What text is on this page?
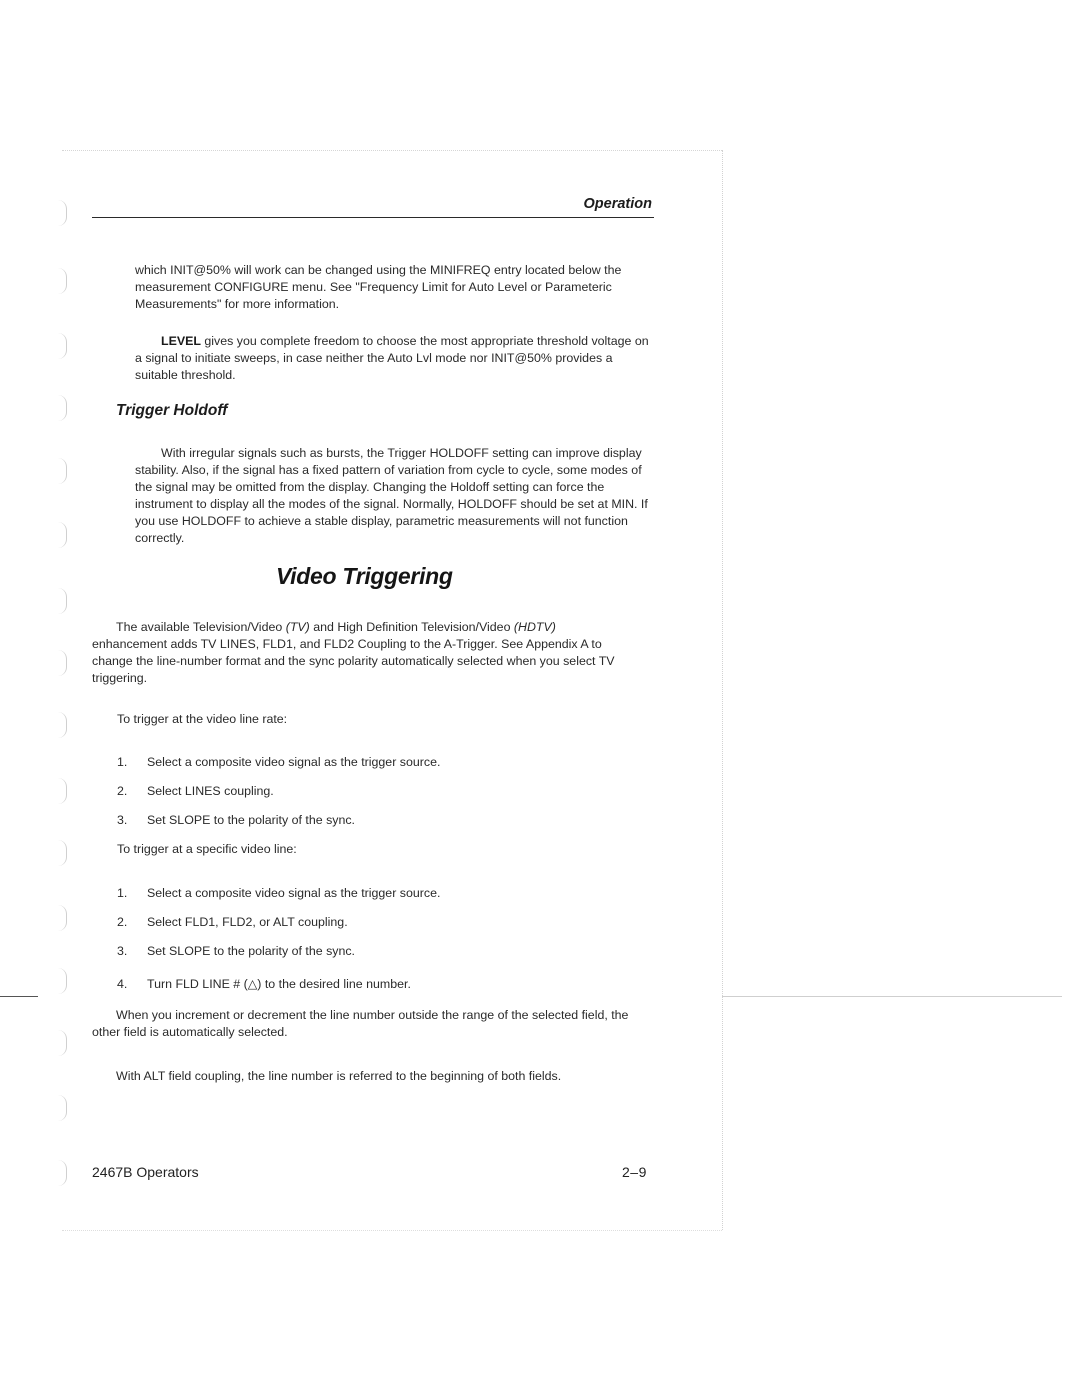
Operation
which INIT@50% will work can be changed using the MINIFREQ entry located below the measurement CONFIGURE menu. See "Frequency Limit for Auto Level or Parameteric Measurements" for more information.
LEVEL gives you complete freedom to choose the most appropriate threshold voltage on a signal to initiate sweeps, in case neither the Auto Lvl mode nor INIT@50% provides a suitable threshold.
Trigger Holdoff
With irregular signals such as bursts, the Trigger HOLDOFF setting can improve display stability. Also, if the signal has a fixed pattern of variation from cycle to cycle, some modes of the signal may be omitted from the display. Changing the Holdoff setting can force the instrument to display all the modes of the signal. Normally, HOLDOFF should be set at MIN. If you use HOLDOFF to achieve a stable display, parametric measurements will not function correctly.
Video Triggering
The available Television/Video (TV) and High Definition Television/Video (HDTV) enhancement adds TV LINES, FLD1, and FLD2 Coupling to the A-Trigger. See Appendix A to change the line-number format and the sync polarity automatically selected when you select TV triggering.
To trigger at the video line rate:
1. Select a composite video signal as the trigger source.
2. Select LINES coupling.
3. Set SLOPE to the polarity of the sync.
To trigger at a specific video line:
1. Select a composite video signal as the trigger source.
2. Select FLD1, FLD2, or ALT coupling.
3. Set SLOPE to the polarity of the sync.
4. Turn FLD LINE # (△) to the desired line number.
When you increment or decrement the line number outside the range of the selected field, the other field is automatically selected.
With ALT field coupling, the line number is referred to the beginning of both fields.
2467B Operators	2–9
